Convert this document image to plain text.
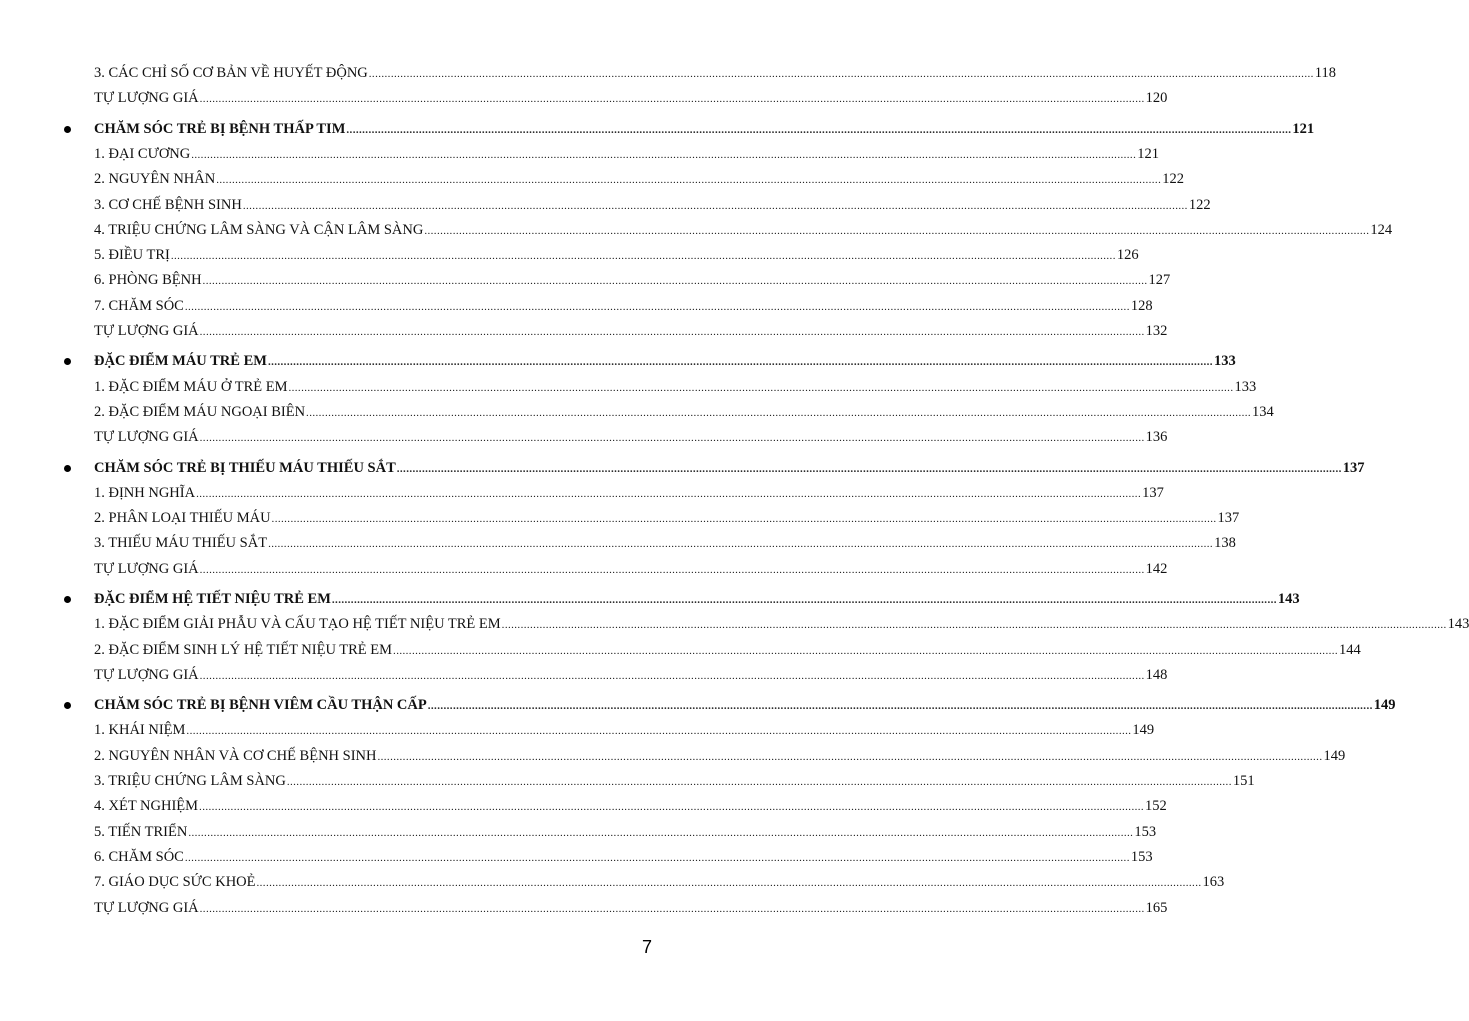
3. CÁC CHỈ SỐ CƠ BẢN VỀ HUYẾT ĐỘNG ............................................................................................................................................................................................................................................................................................................ 118
TỰ LƯỢNG GIÁ ............................................................................................................................................................................................................................................................................................................ 120
CHĂM SÓC TRẺ BỊ BỆNH THẤP TIM ............................................................................................................................................................................................................................................................................................................ 121
1. ĐẠI CƯƠNG ............................................................................................................................................................................................................................................................................................................ 121
2. NGUYÊN NHÂN ............................................................................................................................................................................................................................................................................................................ 122
3. CƠ CHẾ BỆNH SINH ............................................................................................................................................................................................................................................................................................................ 122
4. TRIỆU CHỨNG LÂM SÀNG VÀ CẬN LÂM SÀNG ............................................................................................................................................................................................................................................................................................................ 124
5. ĐIỀU TRỊ ............................................................................................................................................................................................................................................................................................................ 126
6. PHÒNG BỆNH ............................................................................................................................................................................................................................................................................................................ 127
7. CHĂM SÓC ............................................................................................................................................................................................................................................................................................................ 128
TỰ LƯỢNG GIÁ ............................................................................................................................................................................................................................................................................................................ 132
ĐẶC ĐIỂM MÁU TRẺ EM ............................................................................................................................................................................................................................................................................................................ 133
1. ĐẶC ĐIỂM MÁU Ở TRẺ EM ............................................................................................................................................................................................................................................................................................................ 133
2. ĐẶC ĐIỂM MÁU NGOẠI BIÊN ............................................................................................................................................................................................................................................................................................................ 134
TỰ LƯỢNG GIÁ ............................................................................................................................................................................................................................................................................................................ 136
CHĂM SÓC TRẺ BỊ THIẾU MÁU THIẾU SẮT ............................................................................................................................................................................................................................................................................................................ 137
1. ĐỊNH NGHĨA ............................................................................................................................................................................................................................................................................................................ 137
2. PHÂN LOẠI THIẾU MÁU ............................................................................................................................................................................................................................................................................................................ 137
3. THIẾU MÁU THIẾU SẮT ............................................................................................................................................................................................................................................................................................................ 138
TỰ LƯỢNG GIÁ ............................................................................................................................................................................................................................................................................................................ 142
ĐẶC ĐIỂM HỆ TIẾT NIỆU TRẺ EM ............................................................................................................................................................................................................................................................................................................ 143
1. ĐẶC ĐIỂM GIẢI PHẪU VÀ CẤU TẠO HỆ TIẾT NIỆU TRẺ EM ............................................................................................................................................................................................................................................................................................................ 143
2. ĐẶC ĐIỂM SINH LÝ HỆ TIẾT NIỆU TRẺ EM ............................................................................................................................................................................................................................................................................................................ 144
TỰ LƯỢNG GIÁ ............................................................................................................................................................................................................................................................................................................ 148
CHĂM SÓC TRẺ BỊ BỆNH VIÊM CẦU THẬN CẤP ............................................................................................................................................................................................................................................................................................................ 149
1. KHÁI NIỆM ............................................................................................................................................................................................................................................................................................................ 149
2. NGUYÊN NHÂN VÀ CƠ CHẾ BỆNH SINH ............................................................................................................................................................................................................................................................................................................ 149
3. TRIỆU CHỨNG LÂM SÀNG ............................................................................................................................................................................................................................................................................................................ 151
4. XÉT NGHIỆM ............................................................................................................................................................................................................................................................................................................ 152
5. TIẾN TRIỂN ............................................................................................................................................................................................................................................................................................................ 153
6. CHĂM SÓC ............................................................................................................................................................................................................................................................................................................ 153
7. GIÁO DỤC SỨC KHOẺ ............................................................................................................................................................................................................................................................................................................ 163
TỰ LƯỢNG GIÁ ............................................................................................................................................................................................................................................................................................................ 165
7
